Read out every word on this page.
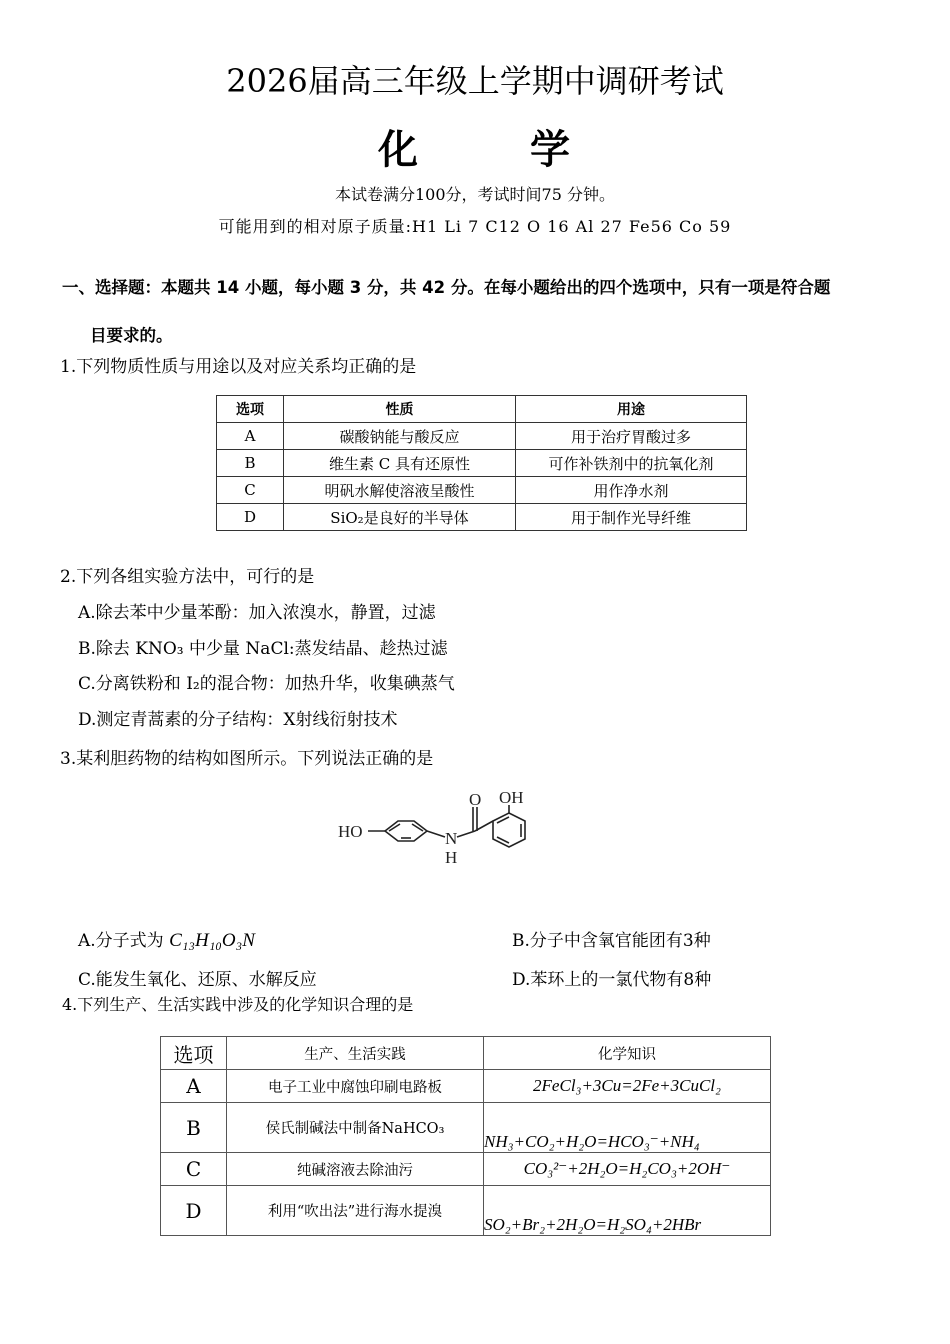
2026届高三年级上学期中调研考试
化	学
本试卷满分100分，考试时间75 分钟。
可能用到的相对原子质量:H1 Li 7 C12 O 16 Al 27 Fe56 Co 59
一、选择题：本题共 14 小题，每小题 3 分，共 42 分。在每小题给出的四个选项中，只有一项是符合题
目要求的。
1.下列物质性质与用途以及对应关系均正确的是
选项	性质	用途
A	碳酸钠能与酸反应	用于治疗胃酸过多
B	维生素 C 具有还原性	可作补铁剂中的抗氧化剂
C	明矾水解使溶液呈酸性	用作净水剂
D	SiO₂是良好的半导体	用于制作光导纤维
2.下列各组实验方法中，可行的是
A.除去苯中少量苯酚：加入浓溴水，静置，过滤
B.除去 KNO₃ 中少量 NaCl:蒸发结晶、趁热过滤
C.分离铁粉和 I₂的混合物：加热升华，收集碘蒸气
D.测定青蒿素的分子结构：X射线衍射技术
3.某利胆药物的结构如图所示。下列说法正确的是
HO	N
H
O OH
A.分子式为 C₁₃H₁₀O₃N	B.分子中含氧官能团有3种
C.能发生氧化、还原、水解反应	D.苯环上的一氯代物有8种
4.下列生产、生活实践中涉及的化学知识合理的是
选项	生产、生活实践	化学知识
A	电子工业中腐蚀印刷电路板	2FeCl₃+3Cu=2Fe+3CuCl₂
B	侯氏制碱法中制备NaHCO₃	NH₃+CO₂+H₂O=HCO₃⁻+NH₄
C	纯碱溶液去除油污	CO₃²⁻+2H₂O=H₂CO₃+2OH⁻
D	利用“吹出法”进行海水提溴	SO₂+Br₂+2H₂O=H₂SO₄+2HBr
